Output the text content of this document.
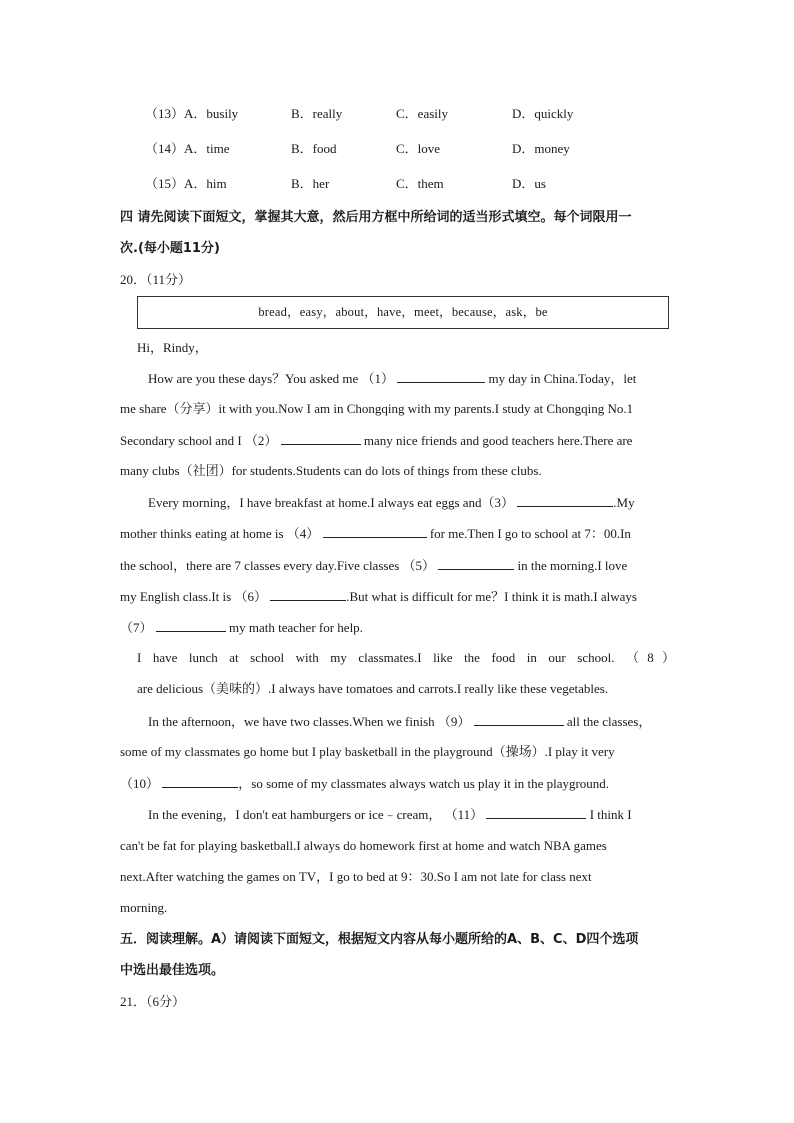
（13）A．busily	B．really	C．easily	D．quickly
（14）A．time	B．food	C．love	D．money
（15）A．him	B．her	C．them	D．us
四 请先阅读下面短文，掌握其大意，然后用方框中所给词的适当形式填空。每个词限用一
次.(每小题11分)
20．（11分）
bread，easy，about，have，meet，because，ask，be
Hi，Rindy，
How are you these days？You asked me （1）	my day in China.Today，let
me share（分享）it with you.Now I am in Chongqing with my parents.I study at Chongqing No.1
Secondary school and I （2）	many nice friends and good teachers here.There are
many clubs（社团）for students.Students can do lots of things from these clubs.
Every morning，I have breakfast at home.I always eat eggs and（3）	.My
mother thinks eating at home is （4）	for me.Then I go to school at 7：00.In
the school，there are 7 classes every day.Five classes （5）	in the morning.I love
my English class.It is （6）	.But what is difficult for me？I think it is math.I always
（7）	my math teacher for help.
I have lunch at school with my classmates.I like the food in our school. （8）
are delicious（美味的）.I always have tomatoes and carrots.I really like these vegetables.
In the afternoon，we have two classes.When we finish （9）	all the classes，
some of my classmates go home but I play basketball in the playground（操场）.I play it very
（10）	，so some of my classmates always watch us play it in the playground.
In the evening，I don't eat hamburgers or ice﹣cream， （11）	I think I
can't be fat for playing basketball.I always do homework first at home and watch NBA games
next.After watching the games on TV，I go to bed at 9：30.So I am not late for class next
morning.
五．阅读理解。A）请阅读下面短文，根据短文内容从每小题所给的A、B、C、D四个选项
中选出最佳选项。
21．（6分）
